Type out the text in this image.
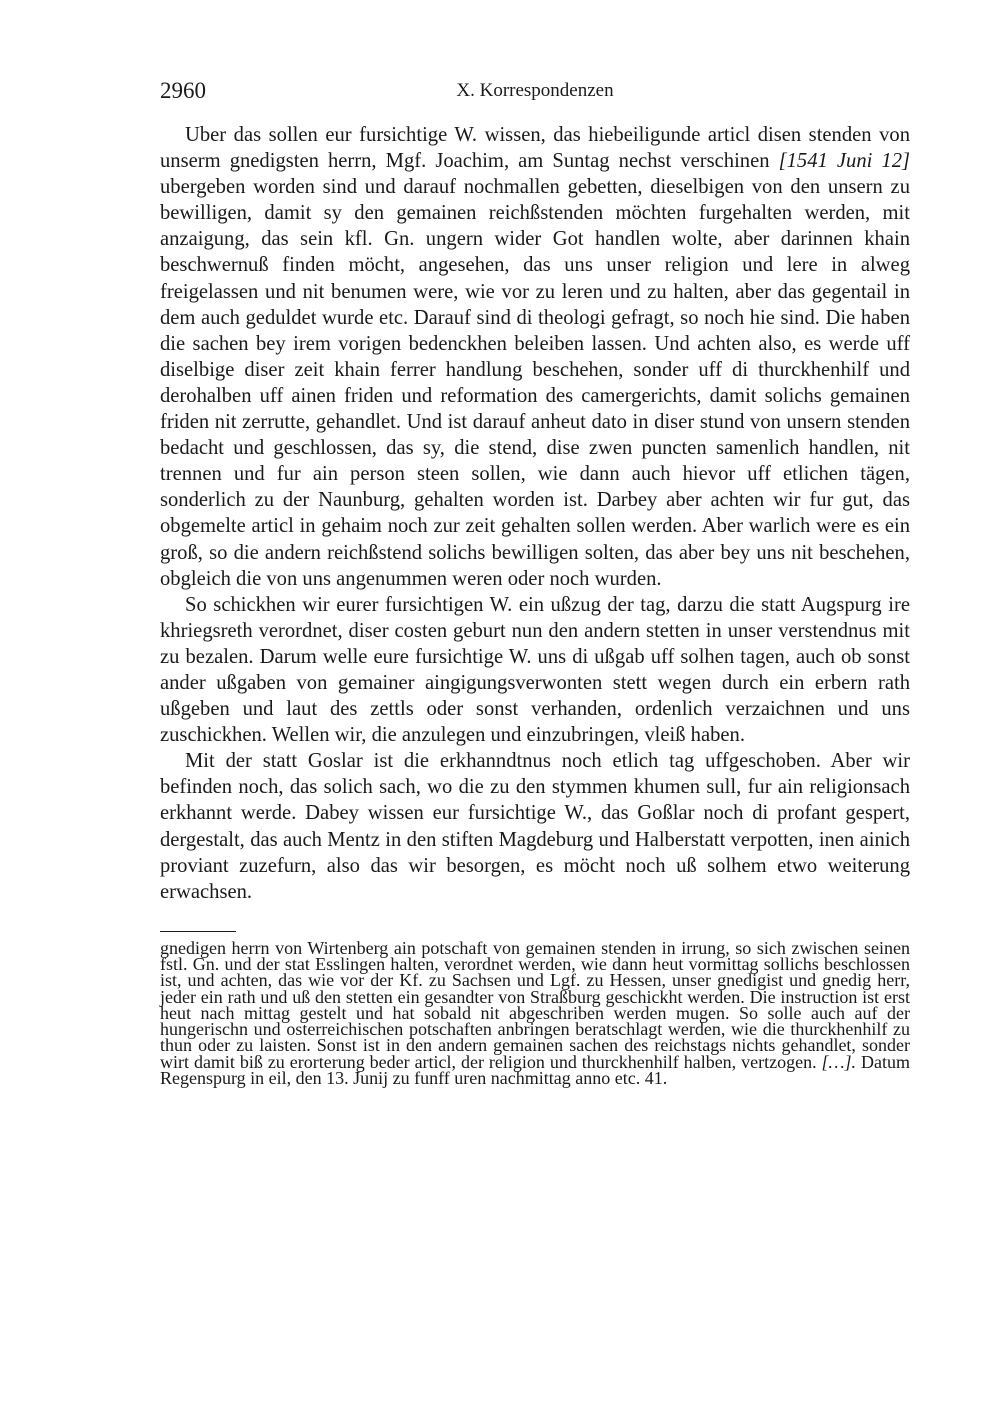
2960	X. Korrespondenzen

Uber das sollen eur fursichtige W. wissen, das hiebeiligunde articl disen stenden von unserm gnedigsten herrn, Mgf. Joachim, am Suntag nechst verschinen [1541 Juni 12] ubergeben worden sind und darauf nochmallen gebetten, dieselbigen von den unsern zu bewilligen, damit sy den gemainen reichßstenden möchten furgehalten werden, mit anzaigung, das sein kfl. Gn. ungern wider Got handlen wolte, aber darinnen khain beschwernuß finden möcht, angesehen, das uns unser religion und lere in alweg freigelassen und nit benumen were, wie vor zu leren und zu halten, aber das gegentail in dem auch geduldet wurde etc. Darauf sind di theologi gefragt, so noch hie sind. Die haben die sachen bey irem vorigen bedenckhen beleiben lassen. Und achten also, es werde uff diselbige diser zeit khain ferrer handlung beschehen, sonder uff di thurckhenhilf und derohalben uff ainen friden und reformation des camergerichts, damit solichs gemainen friden nit zerrutte, gehandlet. Und ist darauf anheut dato in diser stund von unsern stenden bedacht und geschlossen, das sy, die stend, dise zwen puncten samenlich handlen, nit trennen und fur ain person steen sollen, wie dann auch hievor uff etlichen tägen, sonderlich zu der Naunburg, gehalten worden ist. Darbey aber achten wir fur gut, das obgemelte articl in gehaim noch zur zeit gehalten sollen werden. Aber warlich were es ein groß, so die andern reichßstend solichs bewilligen solten, das aber bey uns nit beschehen, obgleich die von uns angenummen weren oder noch wurden.

So schickhen wir eurer fursichtigen W. ein ußzug der tag, darzu die statt Augspurg ire khriegsreth verordnet, diser costen geburt nun den andern stetten in unser verstendnus mit zu bezalen. Darum welle eure fursichtige W. uns di ußgab uff solhen tagen, auch ob sonst ander ußgaben von gemainer aingigungsverwonten stett wegen durch ein erbern rath ußgeben und laut des zettls oder sonst verhanden, ordenlich verzaichnen und uns zuschickhen. Wellen wir, die anzulegen und einzubringen, vleiß haben.

Mit der statt Goslar ist die erkhanndtnus noch etlich tag uffgeschoben. Aber wir befinden noch, das solich sach, wo die zu den stymmen khumen sull, fur ain religionsach erkhannt werde. Dabey wissen eur fursichtige W., das Goßlar noch di profant gespert, dergestalt, das auch Mentz in den stiften Magdeburg und Halberstatt verpotten, inen ainich proviant zuzefurn, also das wir besorgen, es möcht noch uß solhem etwo weiterung erwachsen.

gnedigen herrn von Wirtenberg ain potschaft von gemainen stenden in irrung, so sich zwischen seinen fstl. Gn. und der stat Esslingen halten, verordnet werden, wie dann heut vormittag sollichs beschlossen ist, und achten, das wie vor der Kf. zu Sachsen und Lgf. zu Hessen, unser gnedigist und gnedig herr, jeder ein rath und uß den stetten ein gesandter von Straßburg geschickht werden. Die instruction ist erst heut nach mittag gestelt und hat sobald nit abgeschriben werden mugen. So solle auch auf der hungerischn und osterreichischen potschaften anbringen beratschlagt werden, wie die thurckhenhilf zu thun oder zu laisten. Sonst ist in den andern gemainen sachen des reichstags nichts gehandlet, sonder wirt damit biß zu erorterung beder articl, der religion und thurckhenhilf halben, vertzogen. […]. Datum Regenspurg in eil, den 13. Junij zu funff uren nachmittag anno etc. 41.
